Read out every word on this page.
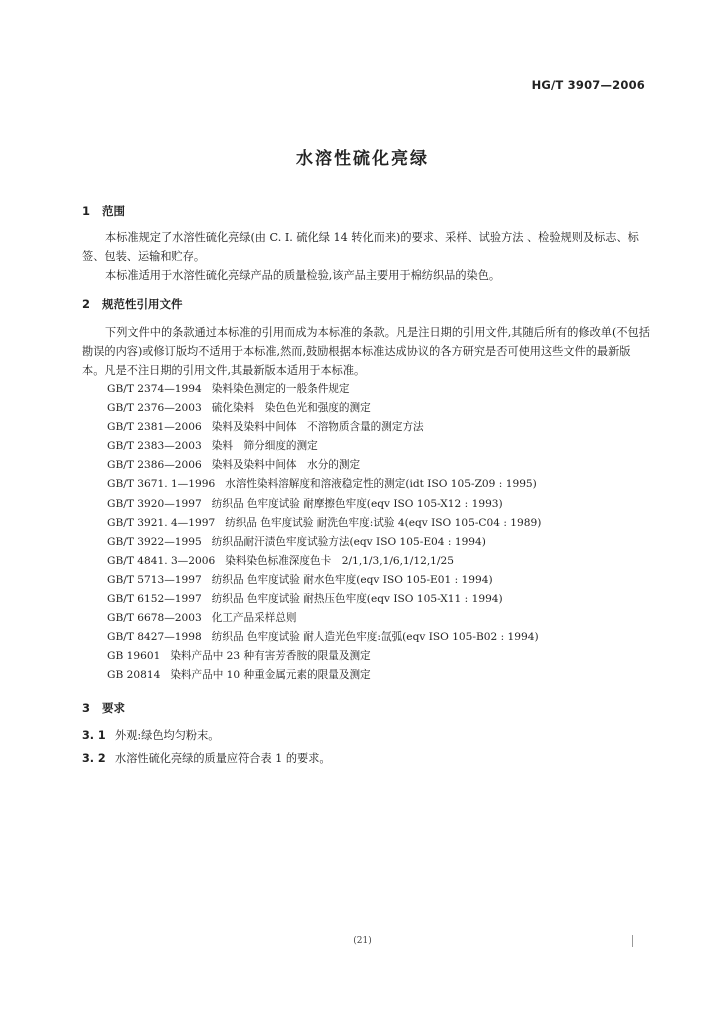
HG/T 3907—2006
水溶性硫化亮绿
1 范围
本标准规定了水溶性硫化亮绿(由 C. I. 硫化绿 14 转化而来)的要求、采样、试验方法 、检验规则及标志、标签、包装、运输和贮存。
本标准适用于水溶性硫化亮绿产品的质量检验,该产品主要用于棉纺织品的染色。
2 规范性引用文件
下列文件中的条款通过本标准的引用而成为本标准的条款。凡是注日期的引用文件,其随后所有的修改单(不包括勘误的内容)或修订版均不适用于本标准,然而,鼓励根据本标准达成协议的各方研究是否可使用这些文件的最新版本。凡是不注日期的引用文件,其最新版本适用于本标准。
GB/T 2374—1994 染料染色测定的一般条件规定
GB/T 2376—2003 硫化染料　染色色光和强度的测定
GB/T 2381—2006 染料及染料中间体　不溶物质含量的测定方法
GB/T 2383—2003 染料　筛分细度的测定
GB/T 2386—2006 染料及染料中间体　水分的测定
GB/T 3671. 1—1996 水溶性染料溶解度和溶液稳定性的测定(idt ISO 105-Z09 : 1995)
GB/T 3920—1997 纺织品 色牢度试验 耐摩擦色牢度(eqv ISO 105-X12 : 1993)
GB/T 3921. 4—1997 纺织品 色牢度试验 耐洗色牢度:试验 4(eqv ISO 105-C04 : 1989)
GB/T 3922—1995 纺织品耐汗渍色牢度试验方法(eqv ISO 105-E04 : 1994)
GB/T 4841. 3—2006 染料染色标准深度色卡　2/1,1/3,1/6,1/12,1/25
GB/T 5713—1997 纺织品 色牢度试验 耐水色牢度(eqv ISO 105-E01 : 1994)
GB/T 6152—1997 纺织品 色牢度试验 耐热压色牢度(eqv ISO 105-X11 : 1994)
GB/T 6678—2003 化工产品采样总则
GB/T 8427—1998 纺织品 色牢度试验 耐人造光色牢度:氙弧(eqv ISO 105-B02 : 1994)
GB 19601 染料产品中 23 种有害芳香胺的限量及测定
GB 20814 染料产品中 10 种重金属元素的限量及测定
3 要求
3. 1 外观:绿色均匀粉末。
3. 2 水溶性硫化亮绿的质量应符合表 1 的要求。
(21)
